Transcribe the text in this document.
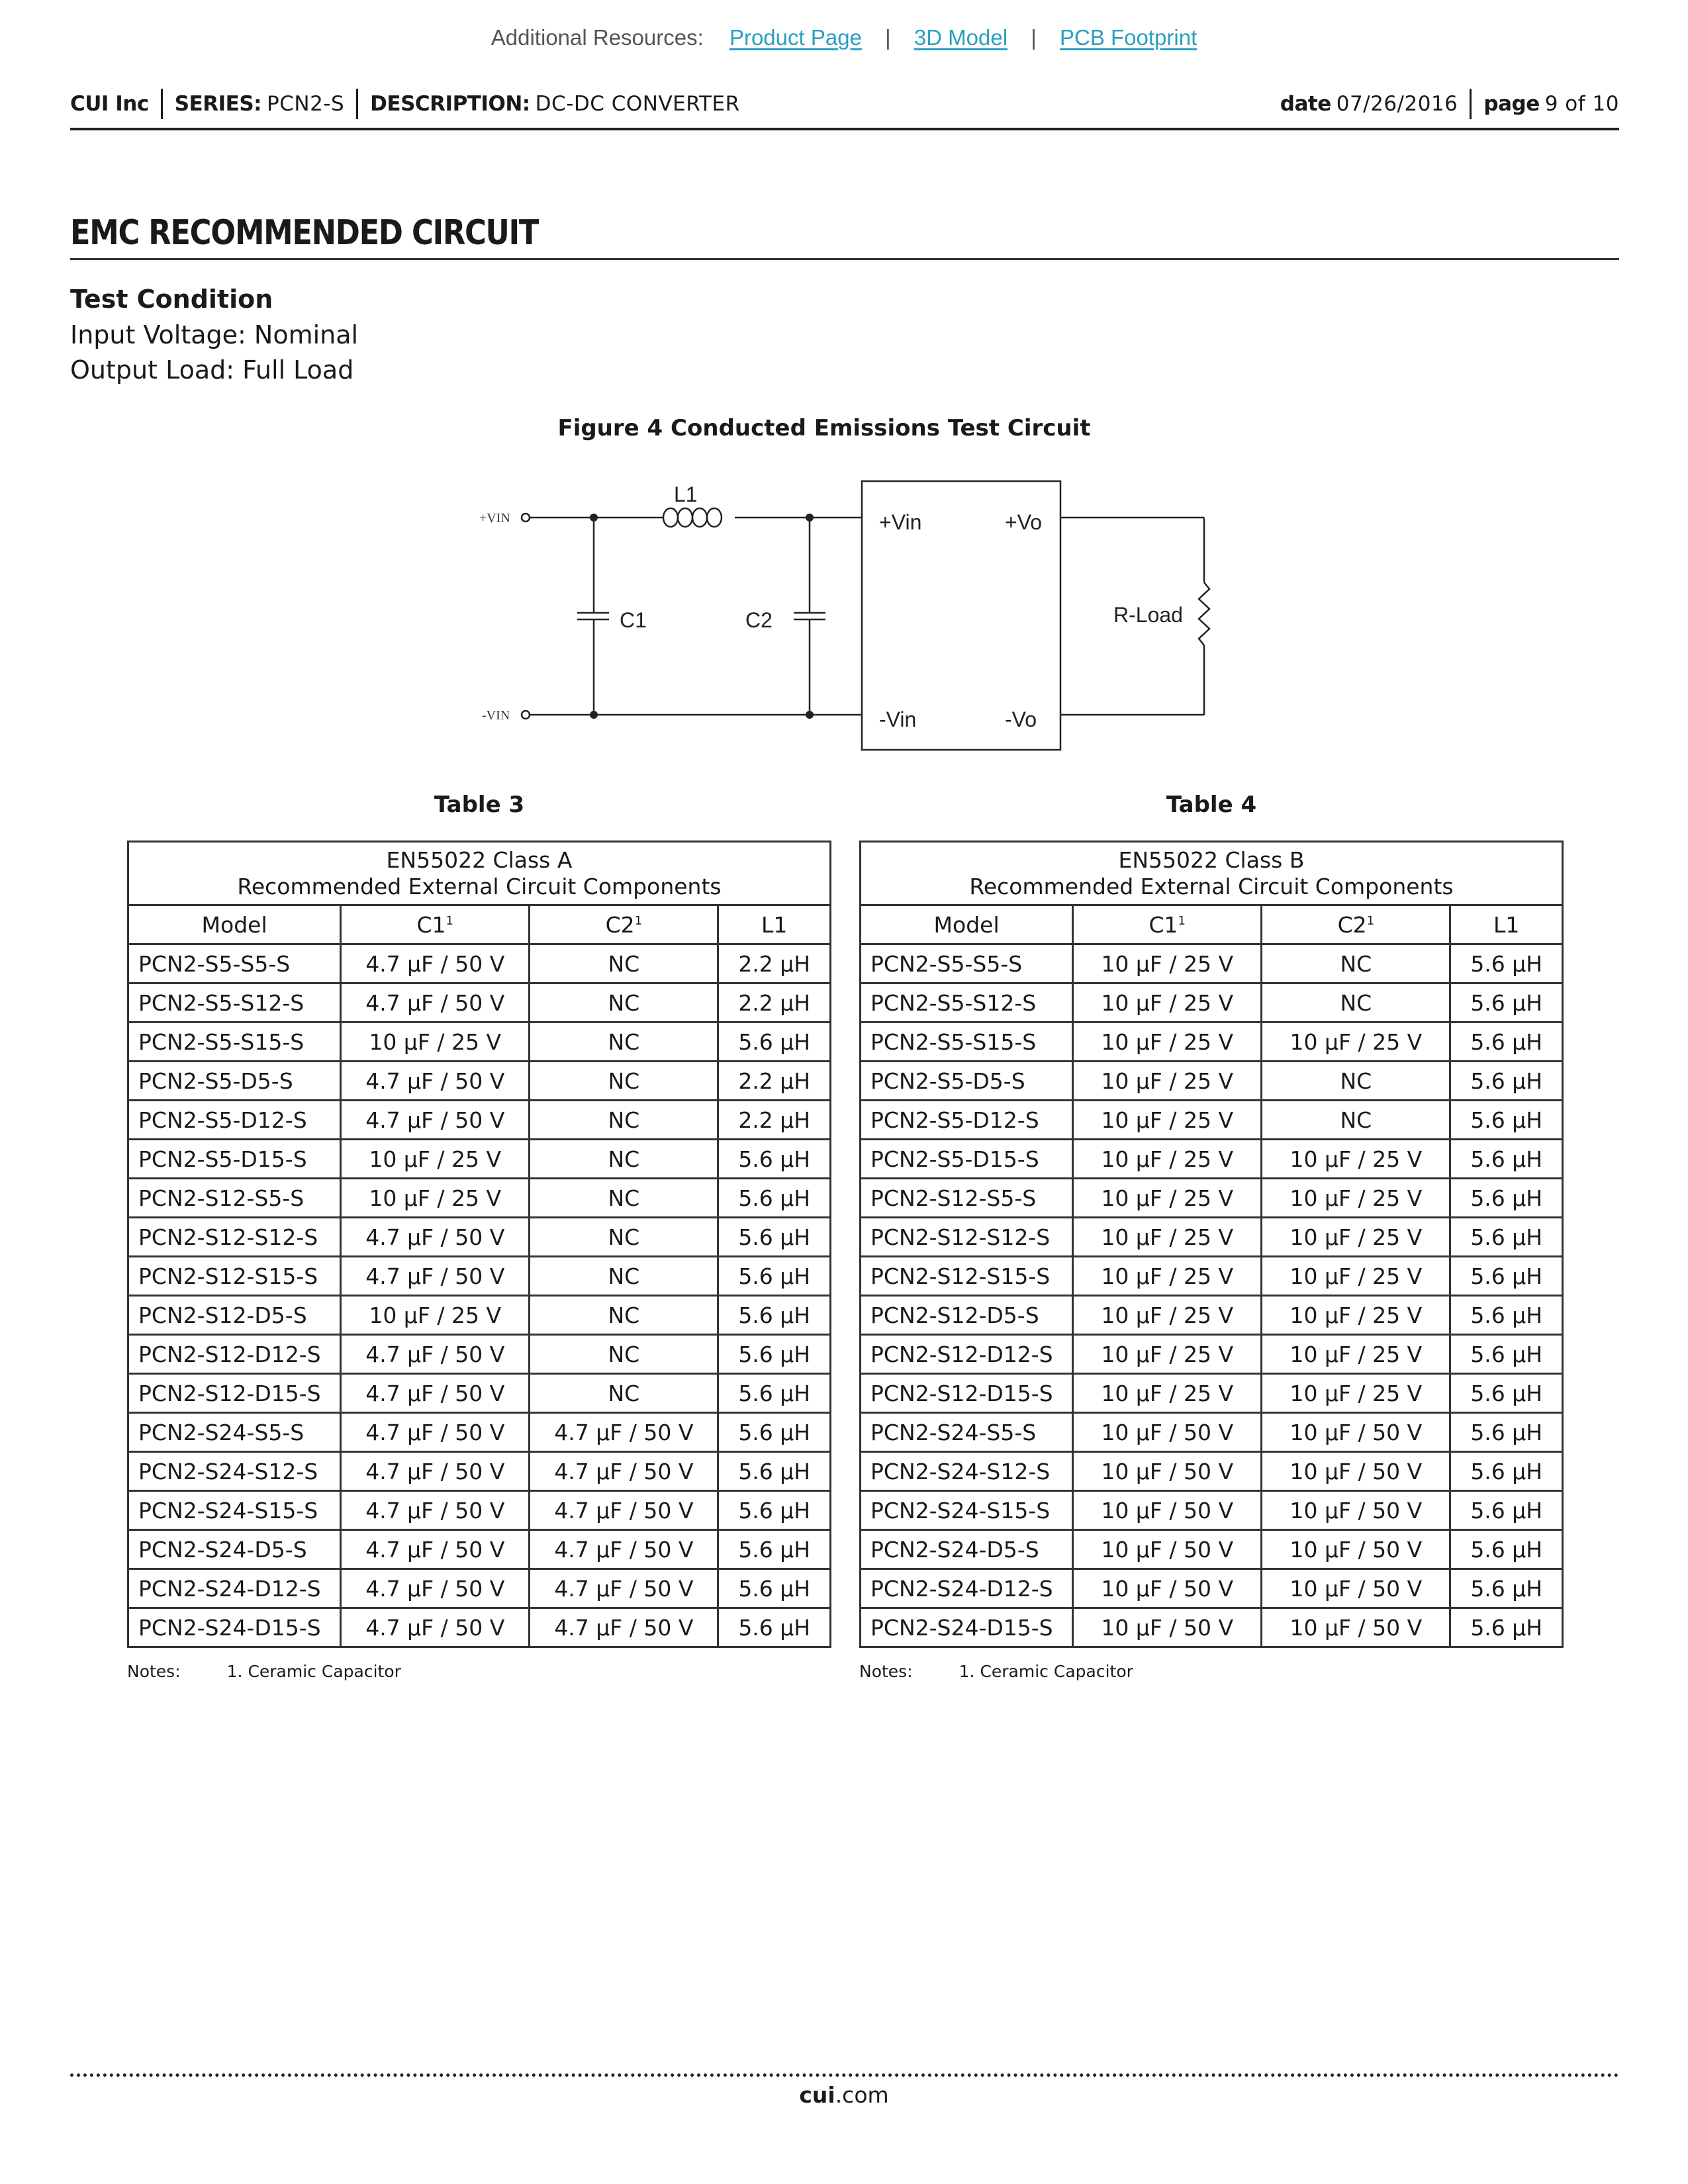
Additional Resources: Product Page | 3D Model | PCB Footprint
CUI Inc SERIES: PCN2-S DESCRIPTION: DC-DC CONVERTER	date 07/26/2016 page 9 of 10
EMC RECOMMENDED CIRCUIT
Test Condition
Input Voltage: Nominal
Output Load: Full Load
Figure 4 Conducted Emissions Test Circuit
+VIN
-VIN
L1
C1	C2
+Vin	+Vo
-Vin	-Vo
R-Load
Table 3	Table 4
EN55022 Class A
Recommended External Circuit Components			
Model	$C1^1$	$C2^1$	L1
PCN2-S5-S5-S	4.7 µF / 50 V	NC	2.2 µH
PCN2-S5-S12-S	4.7 µF / 50 V	NC	2.2 µH
PCN2-S5-S15-S	10 µF / 25 V	NC	5.6 µH
PCN2-S5-D5-S	4.7 µF / 50 V	NC	2.2 µH
PCN2-S5-D12-S	4.7 µF / 50 V	NC	2.2 µH
PCN2-S5-D15-S	10 µF / 25 V	NC	5.6 µH
PCN2-S12-S5-S	10 µF / 25 V	NC	5.6 µH
PCN2-S12-S12-S	4.7 µF / 50 V	NC	5.6 µH
PCN2-S12-S15-S	4.7 µF / 50 V	NC	5.6 µH
PCN2-S12-D5-S	10 µF / 25 V	NC	5.6 µH
PCN2-S12-D12-S	4.7 µF / 50 V	NC	5.6 µH
PCN2-S12-D15-S	4.7 µF / 50 V	NC	5.6 µH
PCN2-S24-S5-S	4.7 µF / 50 V	4.7 µF / 50 V	5.6 µH
PCN2-S24-S12-S	4.7 µF / 50 V	4.7 µF / 50 V	5.6 µH
PCN2-S24-S15-S	4.7 µF / 50 V	4.7 µF / 50 V	5.6 µH
PCN2-S24-D5-S	4.7 µF / 50 V	4.7 µF / 50 V	5.6 µH
PCN2-S24-D12-S	4.7 µF / 50 V	4.7 µF / 50 V	5.6 µH
PCN2-S24-D15-S	4.7 µF / 50 V	4.7 µF / 50 V	5.6 µH
EN55022 Class B
Recommended External Circuit Components			
Model	$C1^1$	$C2^1$	L1
PCN2-S5-S5-S	10 µF / 25 V	NC	5.6 µH
PCN2-S5-S12-S	10 µF / 25 V	NC	5.6 µH
PCN2-S5-S15-S	10 µF / 25 V	10 µF / 25 V	5.6 µH
PCN2-S5-D5-S	10 µF / 25 V	NC	5.6 µH
PCN2-S5-D12-S	10 µF / 25 V	NC	5.6 µH
PCN2-S5-D15-S	10 µF / 25 V	10 µF / 25 V	5.6 µH
PCN2-S12-S5-S	10 µF / 25 V	10 µF / 25 V	5.6 µH
PCN2-S12-S12-S	10 µF / 25 V	10 µF / 25 V	5.6 µH
PCN2-S12-S15-S	10 µF / 25 V	10 µF / 25 V	5.6 µH
PCN2-S12-D5-S	10 µF / 25 V	10 µF / 25 V	5.6 µH
PCN2-S12-D12-S	10 µF / 25 V	10 µF / 25 V	5.6 µH
PCN2-S12-D15-S	10 µF / 25 V	10 µF / 25 V	5.6 µH
PCN2-S24-S5-S	10 µF / 50 V	10 µF / 50 V	5.6 µH
PCN2-S24-S12-S	10 µF / 50 V	10 µF / 50 V	5.6 µH
PCN2-S24-S15-S	10 µF / 50 V	10 µF / 50 V	5.6 µH
PCN2-S24-D5-S	10 µF / 50 V	10 µF / 50 V	5.6 µH
PCN2-S24-D12-S	10 µF / 50 V	10 µF / 50 V	5.6 µH
PCN2-S24-D15-S	10 µF / 50 V	10 µF / 50 V	5.6 µH
Notes:	1. Ceramic Capacitor	Notes:	1. Ceramic Capacitor
cui.com
